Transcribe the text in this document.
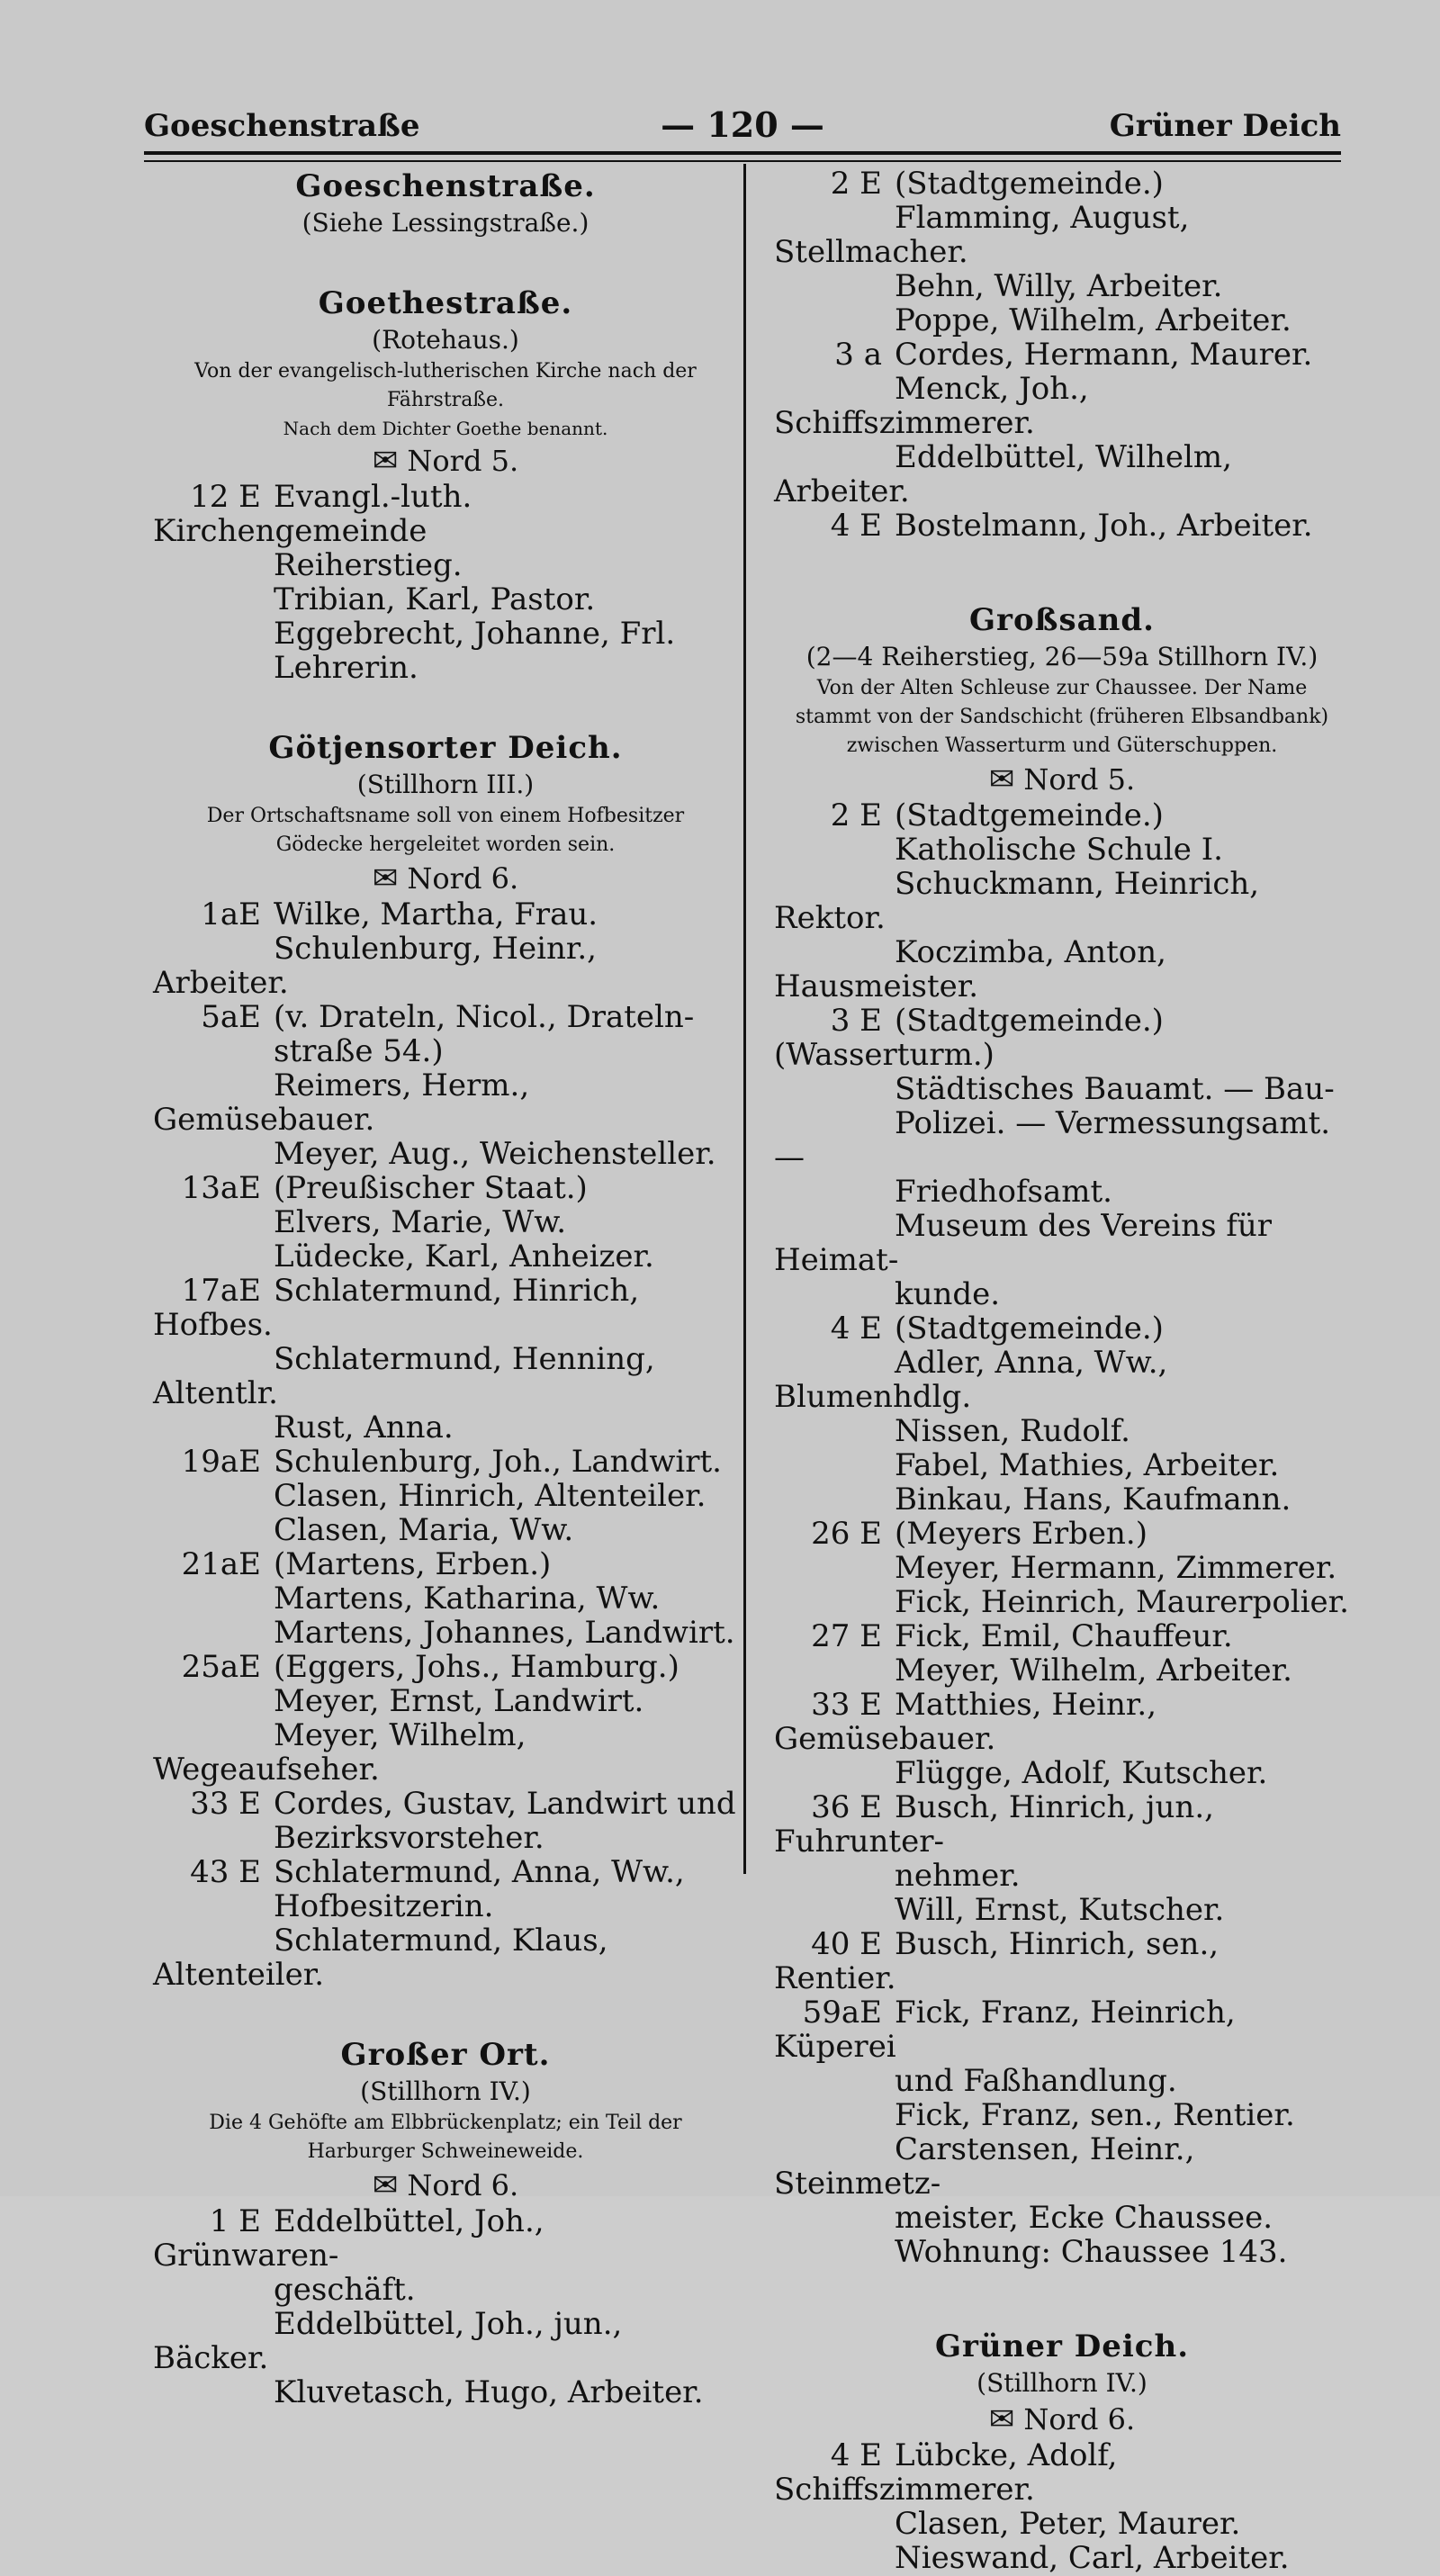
Goeschenstraße	— 120 —	Grüner Deich
Goeschenstraße.
(Siehe Lessingstraße.)
Goethestraße.
(Rotehaus.)
Von der evangelisch-lutherischen Kirche nach der Fährstraße.
Nach dem Dichter Goethe benannt.
✉ Nord 5.
12 E Evangl.-luth. Kirchengemeinde
Reiherstieg.
Tribian, Karl, Pastor.
Eggebrecht, Johanne, Frl.
Lehrerin.
Götjensorter Deich.
(Stillhorn III.)
Der Ortschaftsname soll von einem Hofbesitzer Gödecke hergeleitet worden sein.
✉ Nord 6.
1aE Wilke, Martha, Frau.
Schulenburg, Heinr., Arbeiter.
5aE (v. Drateln, Nicol., Drateln-
straße 54.)
Reimers, Herm., Gemüsebauer.
Meyer, Aug., Weichensteller.
13aE (Preußischer Staat.)
Elvers, Marie, Ww.
Lüdecke, Karl, Anheizer.
17aE Schlatermund, Hinrich, Hofbes.
Schlatermund, Henning, Altentlr.
Rust, Anna.
19aE Schulenburg, Joh., Landwirt.
Clasen, Hinrich, Altenteiler.
Clasen, Maria, Ww.
21aE (Martens, Erben.)
Martens, Katharina, Ww.
Martens, Johannes, Landwirt.
25aE (Eggers, Johs., Hamburg.)
Meyer, Ernst, Landwirt.
Meyer, Wilhelm, Wegeaufseher.
33 E Cordes, Gustav, Landwirt und
Bezirksvorsteher.
43 E Schlatermund, Anna, Ww.,
Hofbesitzerin.
Schlatermund, Klaus, Altenteiler.
Großer Ort.
(Stillhorn IV.)
Die 4 Gehöfte am Elbbrückenplatz; ein Teil der Harburger Schweineweide.
✉ Nord 6.
1 E Eddelbüttel, Joh., Grünwaren-
geschäft.
Eddelbüttel, Joh., jun., Bäcker.
Kluvetasch, Hugo, Arbeiter.
2 E (Stadtgemeinde.)
Flamming, August, Stellmacher.
Behn, Willy, Arbeiter.
Poppe, Wilhelm, Arbeiter.
3 a Cordes, Hermann, Maurer.
Menck, Joh., Schiffszimmerer.
Eddelbüttel, Wilhelm, Arbeiter.
4 E Bostelmann, Joh., Arbeiter.
Großsand.
(2—4 Reiherstieg, 26—59a Stillhorn IV.)
Von der Alten Schleuse zur Chaussee. Der Name stammt von der Sandschicht (früheren Elbsandbank) zwischen Wasserturm und Güterschuppen.
✉ Nord 5.
2 E (Stadtgemeinde.)
Katholische Schule I.
Schuckmann, Heinrich, Rektor.
Koczimba, Anton, Hausmeister.
3 E (Stadtgemeinde.) (Wasserturm.)
Städtisches Bauamt. — Bau-
Polizei. — Vermessungsamt. —
Friedhofsamt.
Museum des Vereins für Heimat-
kunde.
4 E (Stadtgemeinde.)
Adler, Anna, Ww., Blumenhdlg.
Nissen, Rudolf.
Fabel, Mathies, Arbeiter.
Binkau, Hans, Kaufmann.
26 E (Meyers Erben.)
Meyer, Hermann, Zimmerer.
Fick, Heinrich, Maurerpolier.
27 E Fick, Emil, Chauffeur.
Meyer, Wilhelm, Arbeiter.
33 E Matthies, Heinr., Gemüsebauer.
Flügge, Adolf, Kutscher.
36 E Busch, Hinrich, jun., Fuhrunter-
nehmer.
Will, Ernst, Kutscher.
40 E Busch, Hinrich, sen., Rentier.
59aE Fick, Franz, Heinrich, Küperei
und Faßhandlung.
Fick, Franz, sen., Rentier.
Carstensen, Heinr., Steinmetz-
meister, Ecke Chaussee.
Wohnung: Chaussee 143.
Grüner Deich.
(Stillhorn IV.)
✉ Nord 6.
4 E Lübcke, Adolf, Schiffszimmerer.
Clasen, Peter, Maurer.
Nieswand, Carl, Arbeiter.
